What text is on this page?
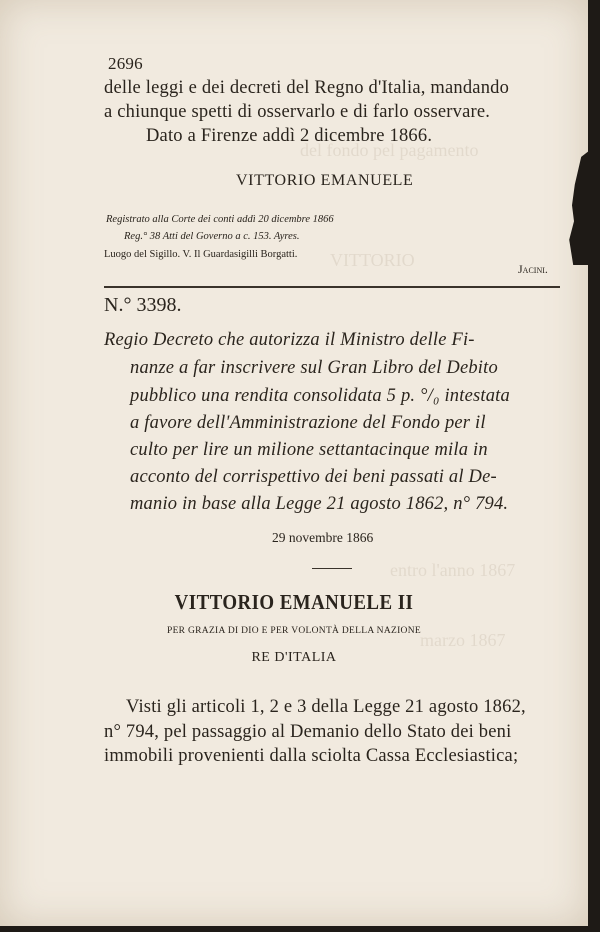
del fondo pel pagamento
VITTORIO
entro l'anno 1867
marzo 1867
2696
delle leggi e dei decreti del Regno d'Italia, mandando
a chiunque spetti di osservarlo e di farlo osservare.
Dato a Firenze addì 2 dicembre 1866.
VITTORIO EMANUELE
Registrato alla Corte dei conti addì 20 dicembre 1866
Reg.° 38 Atti del Governo a c. 153. Ayres.
Luogo del Sigillo. V. Il Guardasigilli Borgatti.
Jacini.
N.° 3398.
Regio Decreto che autorizza il Ministro delle Fi-
nanze a far inscrivere sul Gran Libro del Debito
pubblico una rendita consolidata 5 p. °/₀ intestata
a favore dell'Amministrazione del Fondo per il
culto per lire un milione settantacinque mila in
acconto del corrispettivo dei beni passati al De-
manio in base alla Legge 21 agosto 1862, n° 794.
29 novembre 1866
VITTORIO EMANUELE II
PER GRAZIA DI DIO E PER VOLONTÀ DELLA NAZIONE
RE D'ITALIA
Visti gli articoli 1, 2 e 3 della Legge 21 agosto 1862,
n° 794, pel passaggio al Demanio dello Stato dei beni
immobili provenienti dalla sciolta Cassa Ecclesiastica;
